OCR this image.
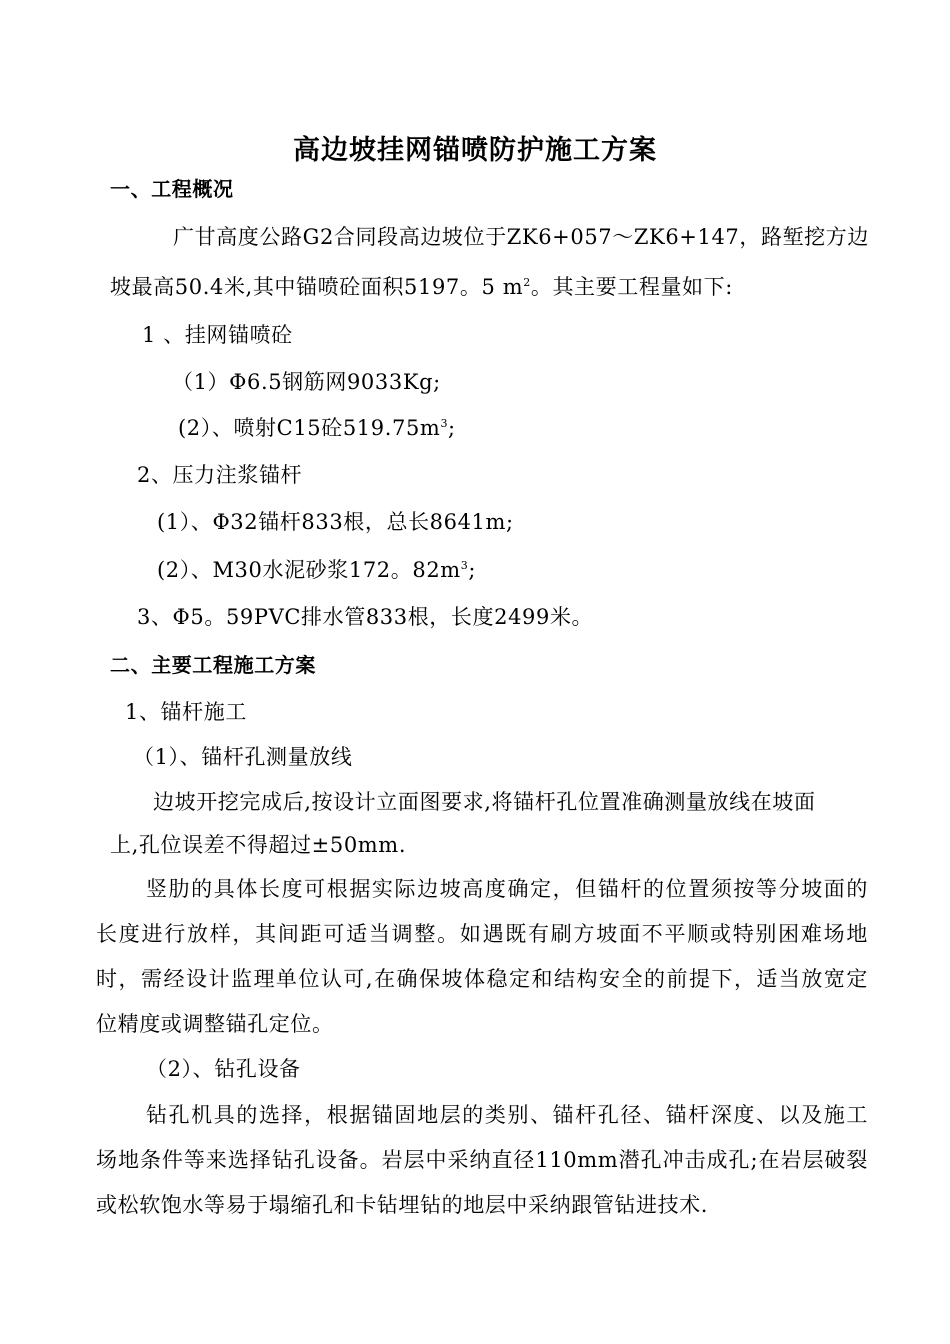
高边坡挂网锚喷防护施工方案
一、工程概况
广甘高度公路G2合同段高边坡位于ZK6+057～ZK6+147，路堑挖方边
坡最高50.4米,其中锚喷砼面积5197。5 $m^2$。其主要工程量如下:
1 、挂网锚喷砼
（1）Φ6.5钢筋网9033Kg;
(2）、喷射C15砼$519.75m^3$;
2、压力注浆锚杆
(1）、Φ32锚杆833根，总长8641m;
(2）、M30水泥砂浆172。$82m^3$;
3、Φ5。59PVC排水管833根，长度2499米。
二、主要工程施工方案
1、锚杆施工
（1）、锚杆孔测量放线
边坡开挖完成后,按设计立面图要求,将锚杆孔位置准确测量放线在坡面
上,孔位误差不得超过±50mm.
竖肋的具体长度可根据实际边坡高度确定，但锚杆的位置须按等分坡面的
长度进行放样，其间距可适当调整。如遇既有刷方坡面不平顺或特别困难场地
时，需经设计监理单位认可,在确保坡体稳定和结构安全的前提下，适当放宽定
位精度或调整锚孔定位。
（2）、钻孔设备
钻孔机具的选择，根据锚固地层的类别、锚杆孔径、锚杆深度、以及施工
场地条件等来选择钻孔设备。岩层中采纳直径110mm潜孔冲击成孔;在岩层破裂
或松软饱水等易于塌缩孔和卡钻埋钻的地层中采纳跟管钻进技术.
